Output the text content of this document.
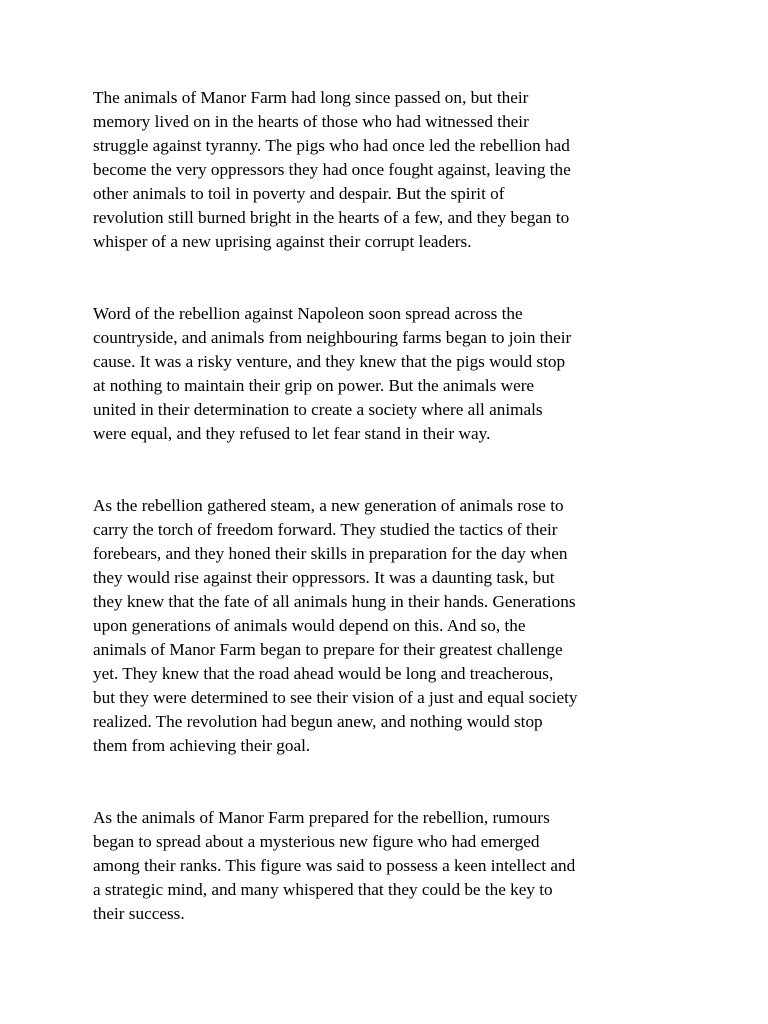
The animals of Manor Farm had long since passed on, but their
memory lived on in the hearts of those who had witnessed their
struggle against tyranny. The pigs who had once led the rebellion had
become the very oppressors they had once fought against, leaving the
other animals to toil in poverty and despair. But the spirit of
revolution still burned bright in the hearts of a few, and they began to
whisper of a new uprising against their corrupt leaders.

Word of the rebellion against Napoleon soon spread across the
countryside, and animals from neighbouring farms began to join their
cause. It was a risky venture, and they knew that the pigs would stop
at nothing to maintain their grip on power. But the animals were
united in their determination to create a society where all animals
were equal, and they refused to let fear stand in their way.

As the rebellion gathered steam, a new generation of animals rose to
carry the torch of freedom forward. They studied the tactics of their
forebears, and they honed their skills in preparation for the day when
they would rise against their oppressors. It was a daunting task, but
they knew that the fate of all animals hung in their hands. Generations
upon generations of animals would depend on this. And so, the
animals of Manor Farm began to prepare for their greatest challenge
yet. They knew that the road ahead would be long and treacherous,
but they were determined to see their vision of a just and equal society
realized. The revolution had begun anew, and nothing would stop
them from achieving their goal.

As the animals of Manor Farm prepared for the rebellion, rumours
began to spread about a mysterious new figure who had emerged
among their ranks. This figure was said to possess a keen intellect and
a strategic mind, and many whispered that they could be the key to
their success.
